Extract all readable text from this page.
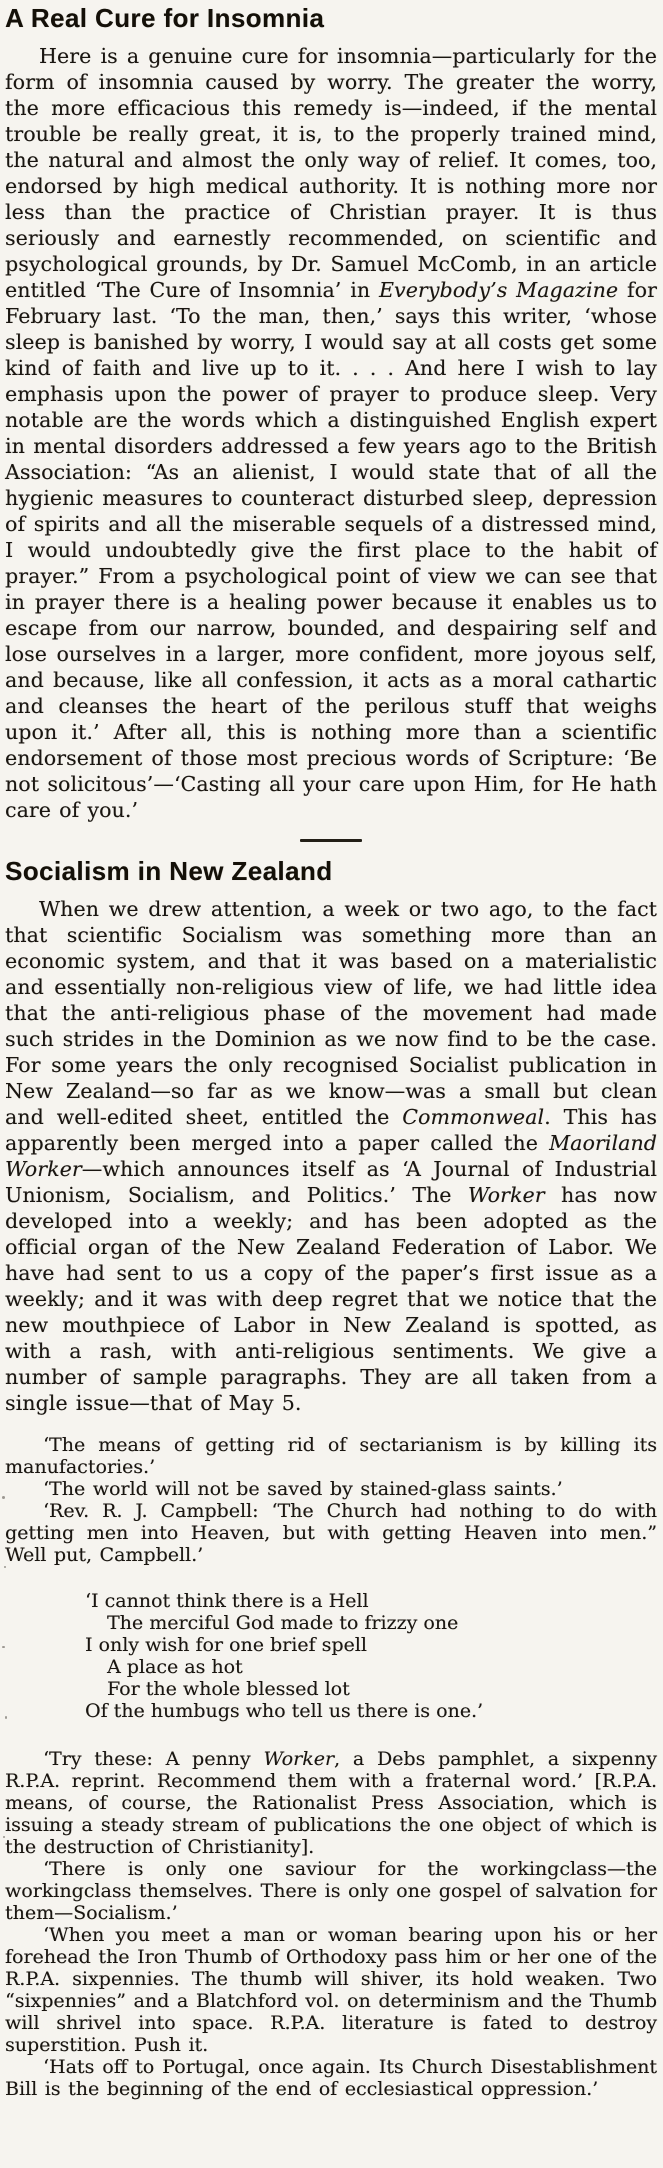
A Real Cure for Insomnia

Here is a genuine cure for insomnia—particularly for the form of insomnia caused by worry. The greater the worry, the more efficacious this remedy is—indeed, if the mental trouble be really great, it is, to the properly trained mind, the natural and almost the only way of relief. It comes, too, endorsed by high medical authority. It is nothing more nor less than the practice of Christian prayer. It is thus seriously and earnestly recommended, on scientific and psychological grounds, by Dr. Samuel McComb, in an article entitled ‘The Cure of Insomnia’ in Everybody’s Magazine for February last. ‘To the man, then,’ says this writer, ‘whose sleep is banished by worry, I would say at all costs get some kind of faith and live up to it. . . . And here I wish to lay emphasis upon the power of prayer to produce sleep. Very notable are the words which a distinguished English expert in mental disorders addressed a few years ago to the British Association: “As an alienist, I would state that of all the hygienic measures to counteract disturbed sleep, depression of spirits and all the miserable sequels of a distressed mind, I would undoubtedly give the first place to the habit of prayer.” From a psychological point of view we can see that in prayer there is a healing power because it enables us to escape from our narrow, bounded, and despairing self and lose ourselves in a larger, more confident, more joyous self, and because, like all confession, it acts as a moral cathartic and cleanses the heart of the perilous stuff that weighs upon it.’ After all, this is nothing more than a scientific endorsement of those most precious words of Scripture: ‘Be not solicitous’—‘Casting all your care upon Him, for He hath care of you.’

Socialism in New Zealand

When we drew attention, a week or two ago, to the fact that scientific Socialism was something more than an economic system, and that it was based on a materialistic and essentially non-religious view of life, we had little idea that the anti-religious phase of the movement had made such strides in the Dominion as we now find to be the case. For some years the only recognised Socialist publication in New Zealand—so far as we know—was a small but clean and well-edited sheet, entitled the Commonweal. This has apparently been merged into a paper called the Maoriland Worker—which announces itself as ‘A Journal of Industrial Unionism, Socialism, and Politics.’ The Worker has now developed into a weekly; and has been adopted as the official organ of the New Zealand Federation of Labor. We have had sent to us a copy of the paper’s first issue as a weekly; and it was with deep regret that we notice that the new mouthpiece of Labor in New Zealand is spotted, as with a rash, with anti-religious sentiments. We give a number of sample paragraphs. They are all taken from a single issue—that of May 5.

‘The means of getting rid of sectarianism is by killing its manufactories.’

‘The world will not be saved by stained-glass saints.’

‘Rev. R. J. Campbell: ‘The Church had nothing to do with getting men into Heaven, but with getting Heaven into men.” Well put, Campbell.’

‘I cannot think there is a Hell
The merciful God made to frizzy one
I only wish for one brief spell
A place as hot
For the whole blessed lot
Of the humbugs who tell us there is one.’

‘Try these: A penny Worker, a Debs pamphlet, a sixpenny R.P.A. reprint. Recommend them with a fraternal word.’ [R.P.A. means, of course, the Rationalist Press Association, which is issuing a steady stream of publications the one object of which is the destruction of Christianity].

‘There is only one saviour for the workingclass—the workingclass themselves. There is only one gospel of salvation for them—Socialism.’

‘When you meet a man or woman bearing upon his or her forehead the Iron Thumb of Orthodoxy pass him or her one of the R.P.A. sixpennies. The thumb will shiver, its hold weaken. Two “sixpennies” and a Blatchford vol. on determinism and the Thumb will shrivel into space. R.P.A. literature is fated to destroy superstition. Push it.

‘Hats off to Portugal, once again. Its Church Disestablishment Bill is the beginning of the end of ecclesiastical oppression.’
